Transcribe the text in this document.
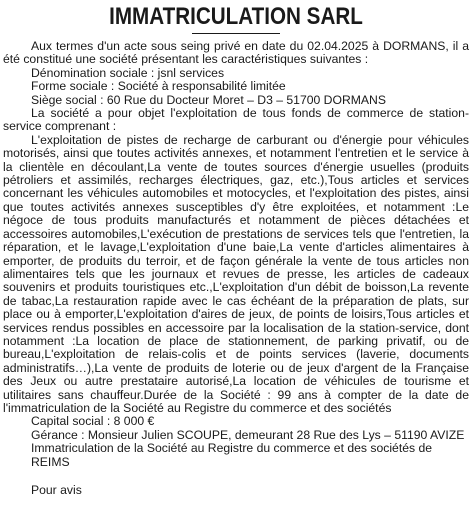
IMMATRICULATION SARL

Aux termes d'un acte sous seing privé en date du 02.04.2025 à DORMANS, il a été constitué une société présentant les caractéristiques suivantes :

Dénomination sociale : jsnl services

Forme sociale : Société à responsabilité limitée

Siège social : 60 Rue du Docteur Moret – D3 – 51700 DORMANS

La société a pour objet l'exploitation de tous fonds de commerce de station-service comprenant :

L'exploitation de pistes de recharge de carburant ou d'énergie pour véhicules motorisés, ainsi que toutes activités annexes, et notamment l'entretien et le service à la clientèle en découlant,La vente de toutes sources d'énergie usuelles (produits pétroliers et assimilés, recharges électriques, gaz, etc.),Tous articles et services concernant les véhicules automobiles et motocycles, et l'exploitation des pistes, ainsi que toutes activités annexes susceptibles d'y être exploitées, et notamment :Le négoce de tous produits manufacturés et notamment de pièces détachées et accessoires automobiles,L'exécution de prestations de services tels que l'entretien, la réparation, et le lavage,L'exploitation d'une baie,La vente d'articles alimentaires à emporter, de produits du terroir, et de façon générale la vente de tous articles non alimentaires tels que les journaux et revues de presse, les articles de cadeaux souvenirs et produits touristiques etc.,L'exploitation d'un débit de boisson,La revente de tabac,La restauration rapide avec le cas échéant de la préparation de plats, sur place ou à emporter,L'exploitation d'aires de jeux, de points de loisirs,Tous articles et services rendus possibles en accessoire par la localisation de la station-service, dont notamment :La location de place de stationnement, de parking privatif, ou de bureau,L'exploitation de relais-colis et de points services (laverie, documents administratifs…),La vente de produits de loterie ou de jeux d'argent de la Française des Jeux ou autre prestataire autorisé,La location de véhicules de tourisme et utilitaires sans chauffeur.Durée de la Société : 99 ans à compter de la date de l'immatriculation de la Société au Registre du commerce et des sociétés

Capital social : 8 000 €

Gérance : Monsieur Julien SCOUPE, demeurant 28 Rue des Lys – 51190 AVIZE

Immatriculation de la Société au Registre du commerce et des sociétés de REIMS

Pour avis
